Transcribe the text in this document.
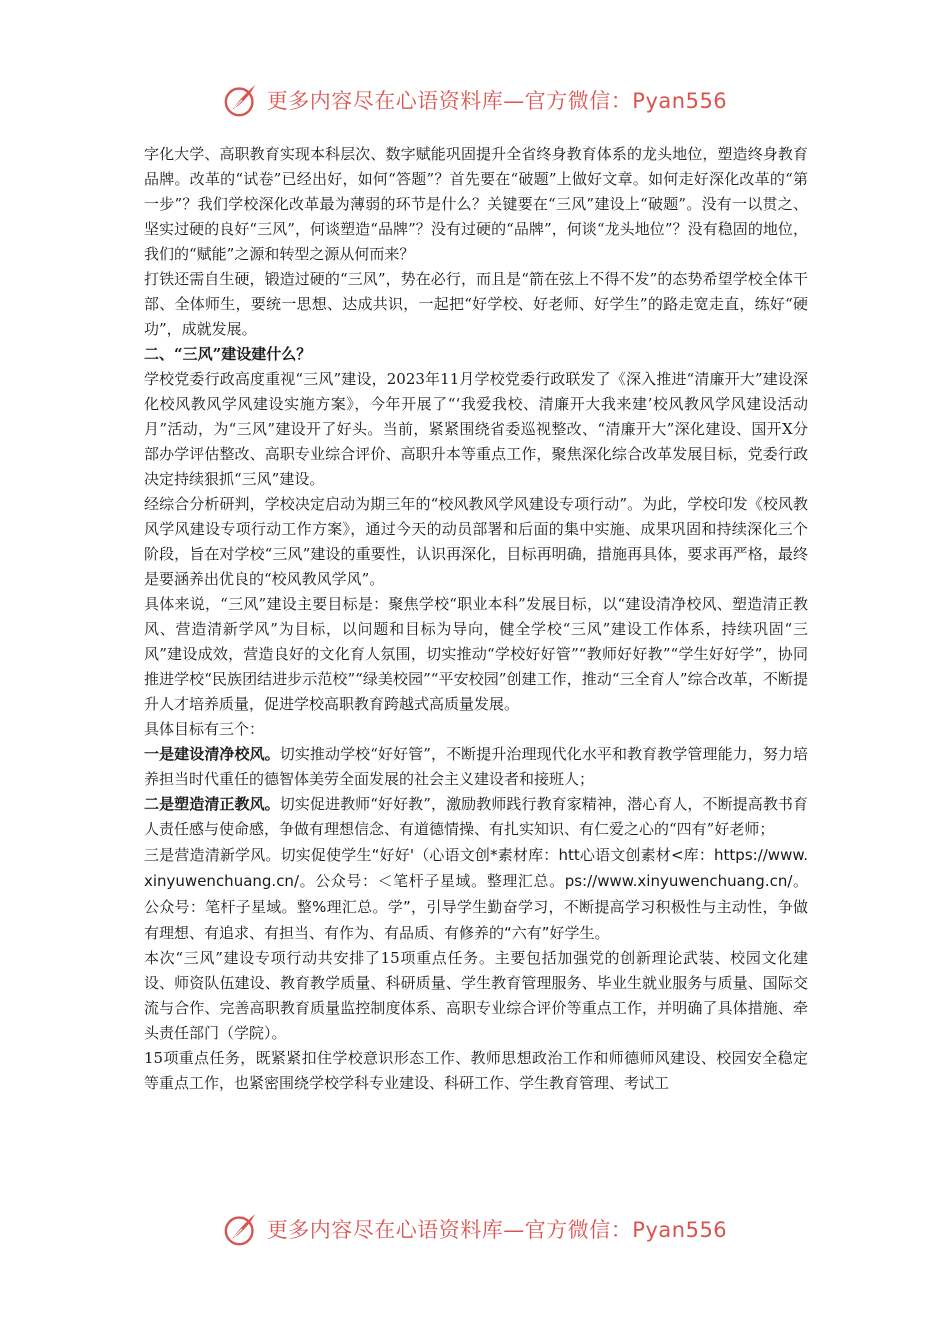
更多内容尽在心语资料库—官方微信：Pyan556

字化大学、高职教育实现本科层次、数字赋能巩固提升全省终身教育体系的龙头地位，塑造终身教育品牌。改革的“试卷”已经出好，如何“答题”？首先要在“破题”上做好文章。如何走好深化改革的“第一步”？我们学校深化改革最为薄弱的环节是什么？关键要在“三风”建设上“破题”。没有一以贯之、坚实过硬的良好“三风”，何谈塑造“品牌”？没有过硬的“品牌”，何谈“龙头地位”？没有稳固的地位，我们的“赋能”之源和转型之源从何而来？

打铁还需自生硬，锻造过硬的“三风”，势在必行，而且是“箭在弦上不得不发”的态势希望学校全体干部、全体师生，要统一思想、达成共识，一起把“好学校、好老师、好学生”的路走宽走直，练好“硬功”，成就发展。

二、“三风”建设建什么？

学校党委行政高度重视“三风”建设，2023年11月学校党委行政联发了《深入推进“清廉开大”建设深化校风教风学风建设实施方案》，今年开展了“‘我爱我校、清廉开大我来建’校风教风学风建设活动月”活动，为“三风”建设开了好头。当前，紧紧围绕省委巡视整改、“清廉开大”深化建设、国开X分部办学评估整改、高职专业综合评价、高职升本等重点工作，聚焦深化综合改革发展目标，党委行政决定持续狠抓“三风”建设。

经综合分析研判，学校决定启动为期三年的“校风教风学风建设专项行动”。为此，学校印发《校风教风学风建设专项行动工作方案》，通过今天的动员部署和后面的集中实施、成果巩固和持续深化三个阶段，旨在对学校“三风”建设的重要性，认识再深化，目标再明确，措施再具体，要求再严格，最终是要涵养出优良的“校风教风学风”。

具体来说，“三风”建设主要目标是：聚焦学校“职业本科”发展目标，以“建设清净校风、塑造清正教风、营造清新学风”为目标，以问题和目标为导向，健全学校“三风”建设工作体系，持续巩固“三风”建设成效，营造良好的文化育人氛围，切实推动“学校好好管”“教师好好教”“学生好好学”，协同推进学校“民族团结进步示范校”“绿美校园”“平安校园”创建工作，推动“三全育人”综合改革，不断提升人才培养质量，促进学校高职教育跨越式高质量发展。

具体目标有三个：

一是建设清净校风。切实推动学校“好好管”，不断提升治理现代化水平和教育教学管理能力，努力培养担当时代重任的德智体美劳全面发展的社会主义建设者和接班人；

二是塑造清正教风。切实促进教师“好好教”，激励教师践行教育家精神，潜心育人，不断提高教书育人责任感与使命感，争做有理想信念、有道德情操、有扎实知识、有仁爱之心的“四有”好老师；

三是营造清新学风。切实促使学生“好好'（心语文创*素材库：htt心语文创素材<库：https://www.xinyuwenchuang.cn/。公众号：＜笔杆子星域。整理汇总。ps://www.xinyuwenchuang.cn/。公众号：笔杆子星域。整%理汇总。学”，引导学生勤奋学习，不断提高学习积极性与主动性，争做有理想、有追求、有担当、有作为、有品质、有修养的“六有”好学生。

本次“三风”建设专项行动共安排了15项重点任务。主要包括加强党的创新理论武装、校园文化建设、师资队伍建设、教育教学质量、科研质量、学生教育管理服务、毕业生就业服务与质量、国际交流与合作、完善高职教育质量监控制度体系、高职专业综合评价等重点工作，并明确了具体措施、牵头责任部门（学院）。

15项重点任务，既紧紧扣住学校意识形态工作、教师思想政治工作和师德师风建设、校园安全稳定等重点工作，也紧密围绕学校学科专业建设、科研工作、学生教育管理、考试工

更多内容尽在心语资料库—官方微信：Pyan556
